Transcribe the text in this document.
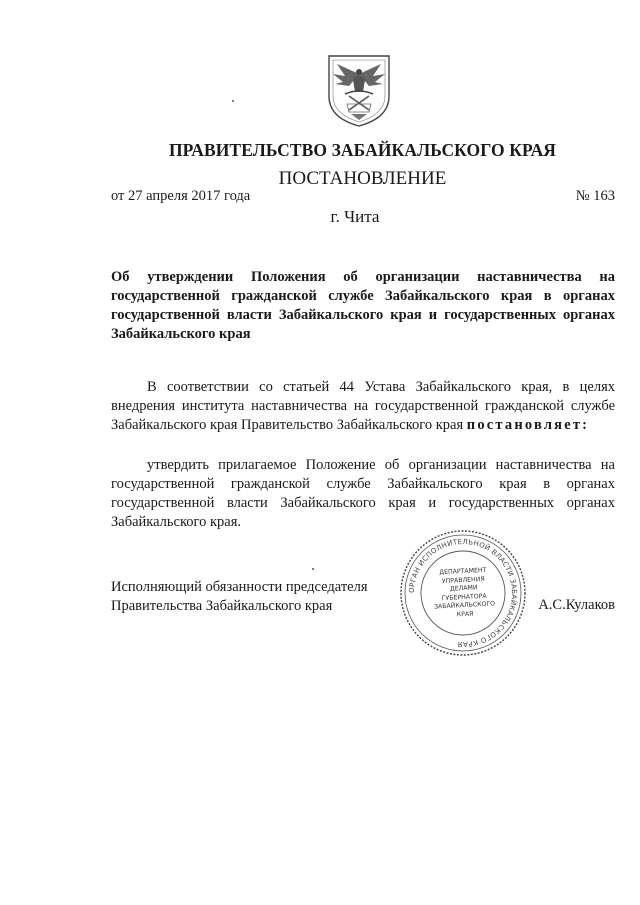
ПРАВИТЕЛЬСТВО ЗАБАЙКАЛЬСКОГО КРАЯ
ПОСТАНОВЛЕНИЕ
от 27 апреля 2017 года	№ 163
г. Чита
Об утверждении Положения об организации наставничества на государственной гражданской службе Забайкальского края в органах государственной власти Забайкальского края и государственных органах Забайкальского края
В соответствии со статьей 44 Устава Забайкальского края, в целях внедрения института наставничества на государственной гражданской службе Забайкальского края Правительство Забайкальского края постановляет:
утвердить прилагаемое Положение об организации наставничества на государственной гражданской службе Забайкальского края в органах государственной власти Забайкальского края и государственных органах Забайкальского края.
ОРГАН ИСПОЛНИТЕЛЬНОЙ ВЛАСТИ ЗАБАЙКАЛЬСКОГО КРАЯ
ДЕПАРТАМЕНТ
УПРАВЛЕНИЯ
ДЕЛАМИ
ГУБЕРНАТОРА
ЗАБАЙКАЛЬСКОГО
КРАЯ
Исполняющий обязанности председателя
Правительства Забайкальского края	А.С.Кулаков
